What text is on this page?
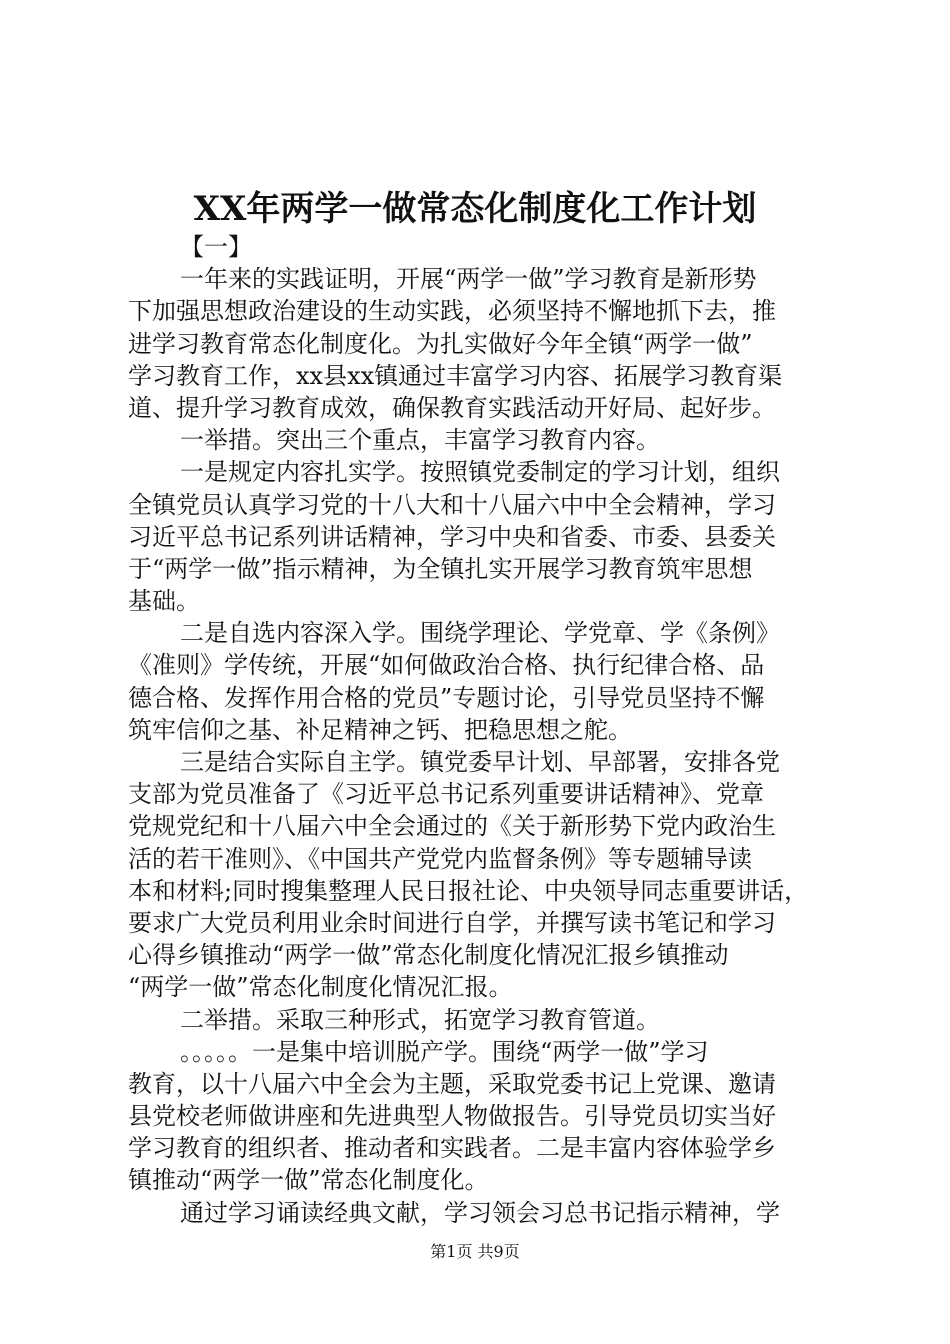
XX年两学一做常态化制度化工作计划
【一】
一年来的实践证明，开展“两学一做”学习教育是新形势
下加强思想政治建设的生动实践，必须坚持不懈地抓下去，推
进学习教育常态化制度化。为扎实做好今年全镇“两学一做”
学习教育工作，xx县xx镇通过丰富学习内容、拓展学习教育渠
道、提升学习教育成效，确保教育实践活动开好局、起好步。
一举措。突出三个重点，丰富学习教育内容。
一是规定内容扎实学。按照镇党委制定的学习计划，组织
全镇党员认真学习党的十八大和十八届六中中全会精神，学习
习近平总书记系列讲话精神，学习中央和省委、市委、县委关
于“两学一做”指示精神，为全镇扎实开展学习教育筑牢思想
基础。
二是自选内容深入学。围绕学理论、学党章、学《条例》
《准则》学传统，开展“如何做政治合格、执行纪律合格、品
德合格、发挥作用合格的党员”专题讨论，引导党员坚持不懈
筑牢信仰之基、补足精神之钙、把稳思想之舵。
三是结合实际自主学。镇党委早计划、早部署，安排各党
支部为党员准备了《习近平总书记系列重要讲话精神》、党章
党规党纪和十八届六中全会通过的《关于新形势下党内政治生
活的若干准则》、《中国共产党党内监督条例》等专题辅导读
本和材料;同时搜集整理人民日报社论、中央领导同志重要讲话，
要求广大党员利用业余时间进行自学，并撰写读书笔记和学习
心得乡镇推动“两学一做”常态化制度化情况汇报乡镇推动
“两学一做”常态化制度化情况汇报。
二举措。采取三种形式，拓宽学习教育管道。
。。。。。一是集中培训脱产学。围绕“两学一做”学习
教育，以十八届六中全会为主题，采取党委书记上党课、邀请
县党校老师做讲座和先进典型人物做报告。引导党员切实当好
学习教育的组织者、推动者和实践者。二是丰富内容体验学乡
镇推动“两学一做”常态化制度化。
通过学习诵读经典文献，学习领会习总书记指示精神，学
第1页 共9页
